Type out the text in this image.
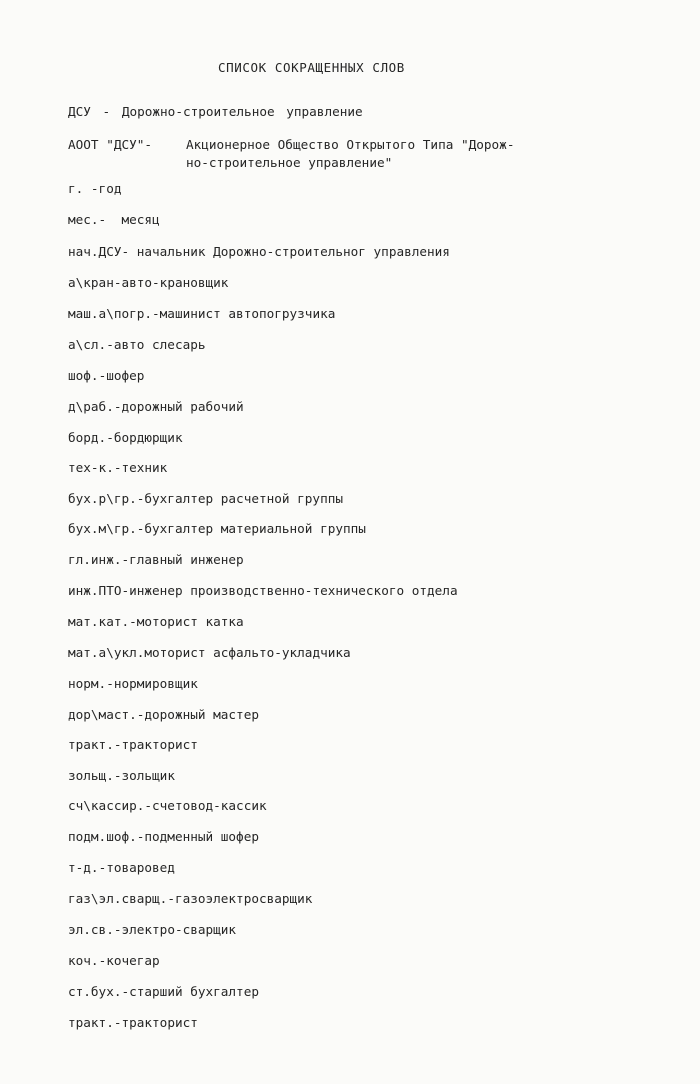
СПИСОК СОКРАЩЕННЫХ СЛОВ
ДСУ - Дорожно-строительное управление
АООТ "ДСУ"-	Акционерное Общество Открытого Типа "Дорож-
но-строительное управление"
г. -год
мес.- месяц
нач.ДСУ- начальник Дорожно-строительног управления
а\кран-авто-крановщик
маш.а\погр.-машинист автопогрузчика
а\сл.-авто слесарь
шоф.-шофер
д\раб.-дорожный рабочий
борд.-бордюрщик
тех-к.-техник
бух.р\гр.-бухгалтер расчетной группы
бух.м\гр.-бухгалтер материальной группы
гл.инж.-главный инженер
инж.ПТО-инженер производственно-технического отдела
мат.кат.-моторист катка
мат.а\укл.моторист асфальто-укладчика
норм.-нормировщик
дор\маст.-дорожный мастер
тракт.-тракторист
зольщ.-зольщик
сч\кассир.-счетовод-кассик
подм.шоф.-подменный шофер
т-д.-товаровед
газ\эл.сварщ.-газоэлектросварщик
эл.св.-электро-сварщик
коч.-кочегар
ст.бух.-старший бухгалтер
тракт.-тракторист
